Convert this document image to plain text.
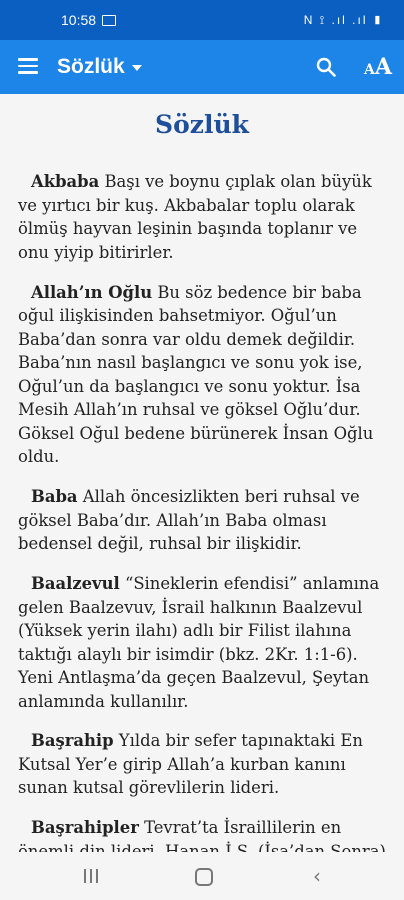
10:58	N ⟟ .ıl .ıl ▮
Sözlük	AA
Sözlük

Akbaba Başı ve boynu çıplak olan büyük ve yırtıcı bir kuş. Akbabalar toplu olarak ölmüş hayvan leşinin başında toplanır ve onu yiyip bitirirler.

Allah’ın Oğlu Bu söz bedence bir baba oğul ilişkisinden bahsetmiyor. Oğul’un Baba’dan sonra var oldu demek değildir. Baba’nın nasıl başlangıcı ve sonu yok ise, Oğul’un da başlangıcı ve sonu yoktur. İsa Mesih Allah’ın ruhsal ve göksel Oğlu’dur. Göksel Oğul bedene bürünerek İnsan Oğlu oldu.

Baba Allah öncesizlikten beri ruhsal ve göksel Baba’dır. Allah’ın Baba olması bedensel değil, ruhsal bir ilişkidir.

Baalzevul “Sineklerin efendisi” anlamına gelen Baalzevuv, İsrail halkının Baalzevul (Yüksek yerin ilahı) adlı bir Filist ilahına taktığı alaylı bir isimdir (bkz. 2Kr. 1:1-6). Yeni Antlaşma’da geçen Baalzevul, Şeytan anlamında kullanılır.

Başrahip Yılda bir sefer tapınaktaki En Kutsal Yer’e girip Allah’a kurban kanını sunan kutsal görevlilerin lideri.

Başrahipler Tevrat’ta İsraillilerin en

‹
